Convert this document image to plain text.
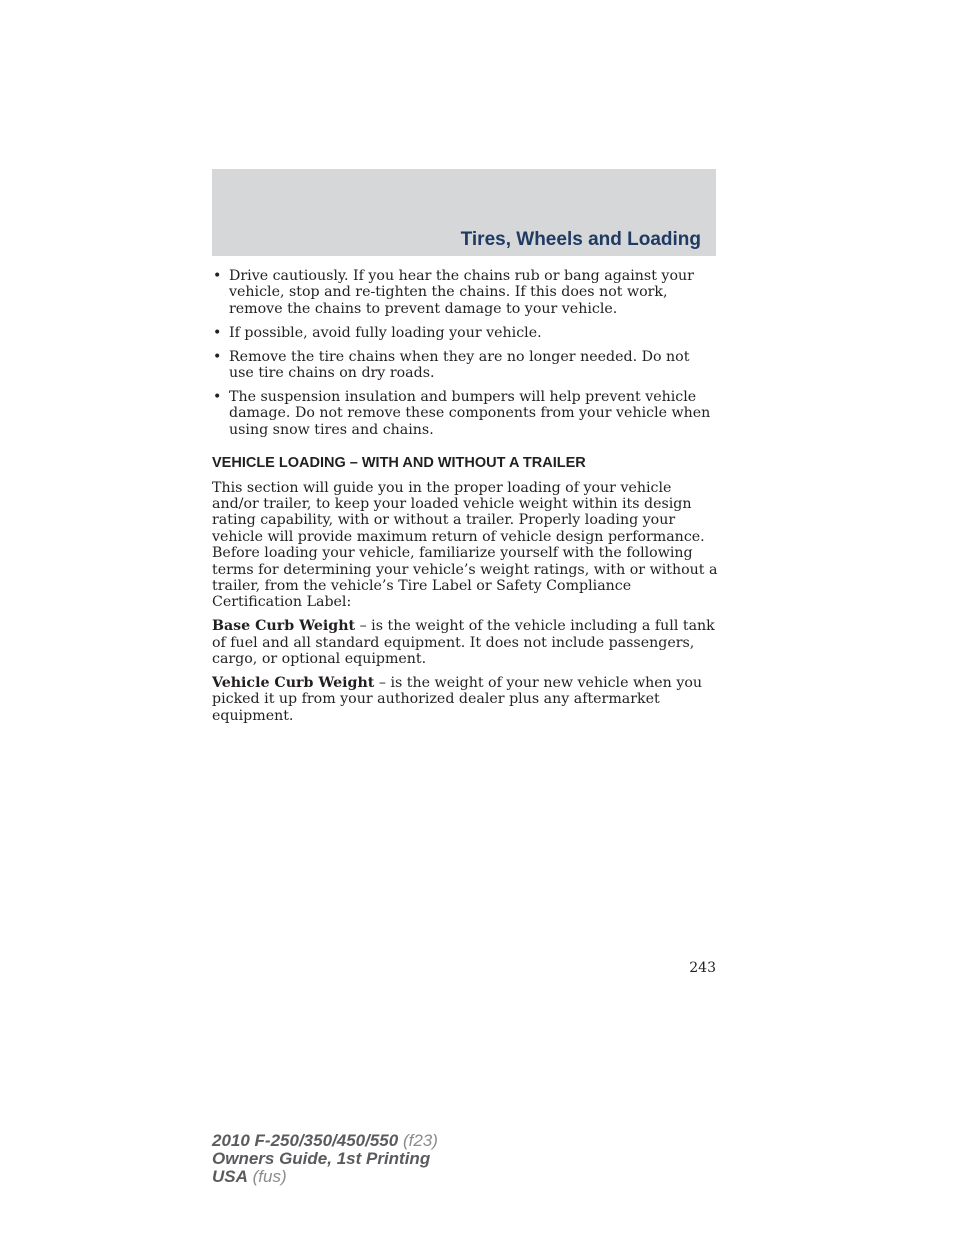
Tires, Wheels and Loading
• Drive cautiously. If you hear the chains rub or bang against your vehicle, stop and re-tighten the chains. If this does not work, remove the chains to prevent damage to your vehicle.
• If possible, avoid fully loading your vehicle.
• Remove the tire chains when they are no longer needed. Do not use tire chains on dry roads.
• The suspension insulation and bumpers will help prevent vehicle damage. Do not remove these components from your vehicle when using snow tires and chains.
VEHICLE LOADING – WITH AND WITHOUT A TRAILER

This section will guide you in the proper loading of your vehicle and/or trailer, to keep your loaded vehicle weight within its design rating capability, with or without a trailer. Properly loading your vehicle will provide maximum return of vehicle design performance. Before loading your vehicle, familiarize yourself with the following terms for determining your vehicle’s weight ratings, with or without a trailer, from the vehicle’s Tire Label or Safety Compliance Certification Label:

Base Curb Weight – is the weight of the vehicle including a full tank of fuel and all standard equipment. It does not include passengers, cargo, or optional equipment.

Vehicle Curb Weight – is the weight of your new vehicle when you picked it up from your authorized dealer plus any aftermarket equipment.

243
2010 F-250/350/450/550 (f23)
Owners Guide, 1st Printing
USA (fus)
